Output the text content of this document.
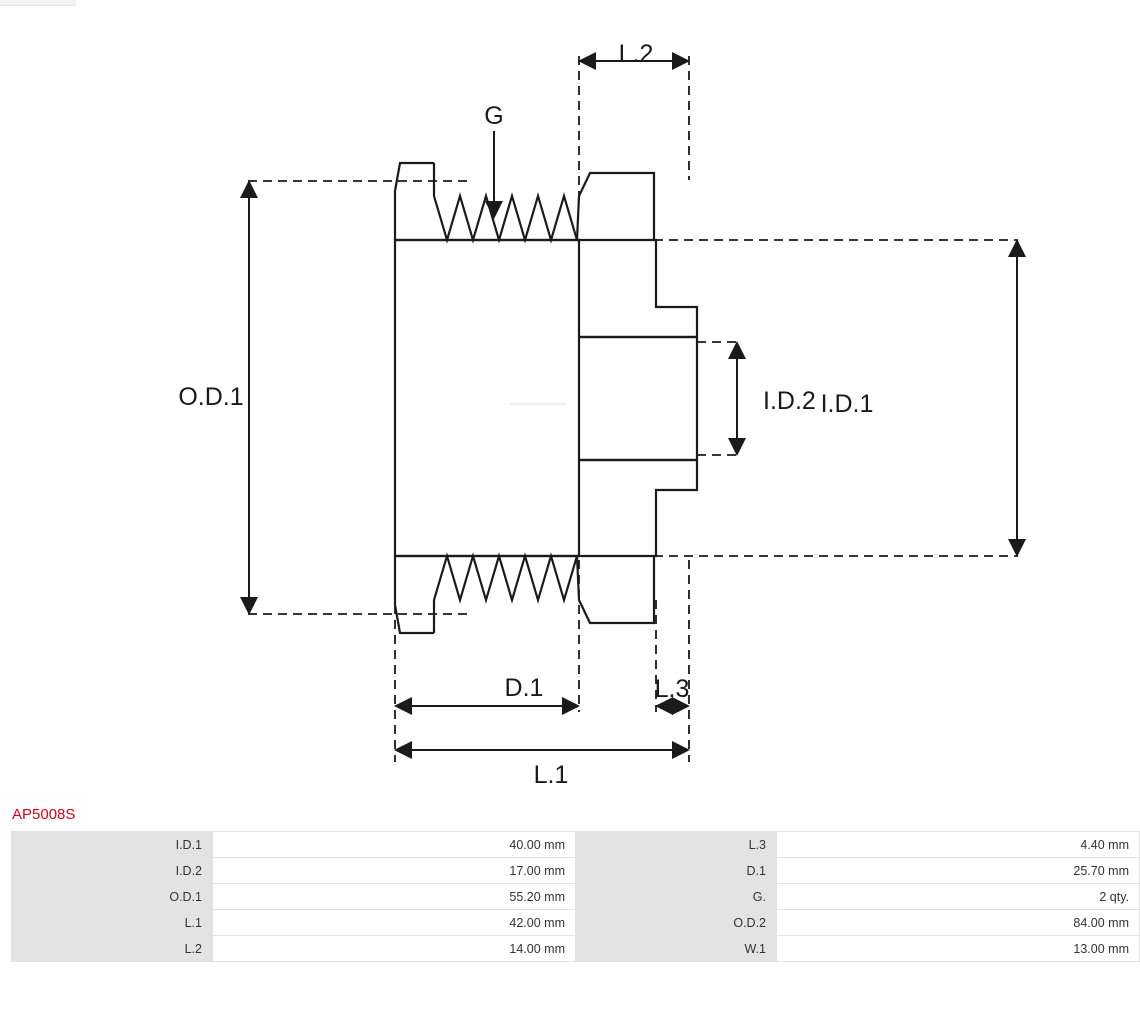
G
O.D.1	I.D.1
I.D.2
L.2
D.1	L.3
L.1
AP5008S
I.D.1	40.00 mm	L.3	4.40 mm
I.D.2	17.00 mm	D.1	25.70 mm
O.D.1	55.20 mm	G.	2 qty.
L.1	42.00 mm	O.D.2	84.00 mm
L.2	14.00 mm	W.1	13.00 mm
